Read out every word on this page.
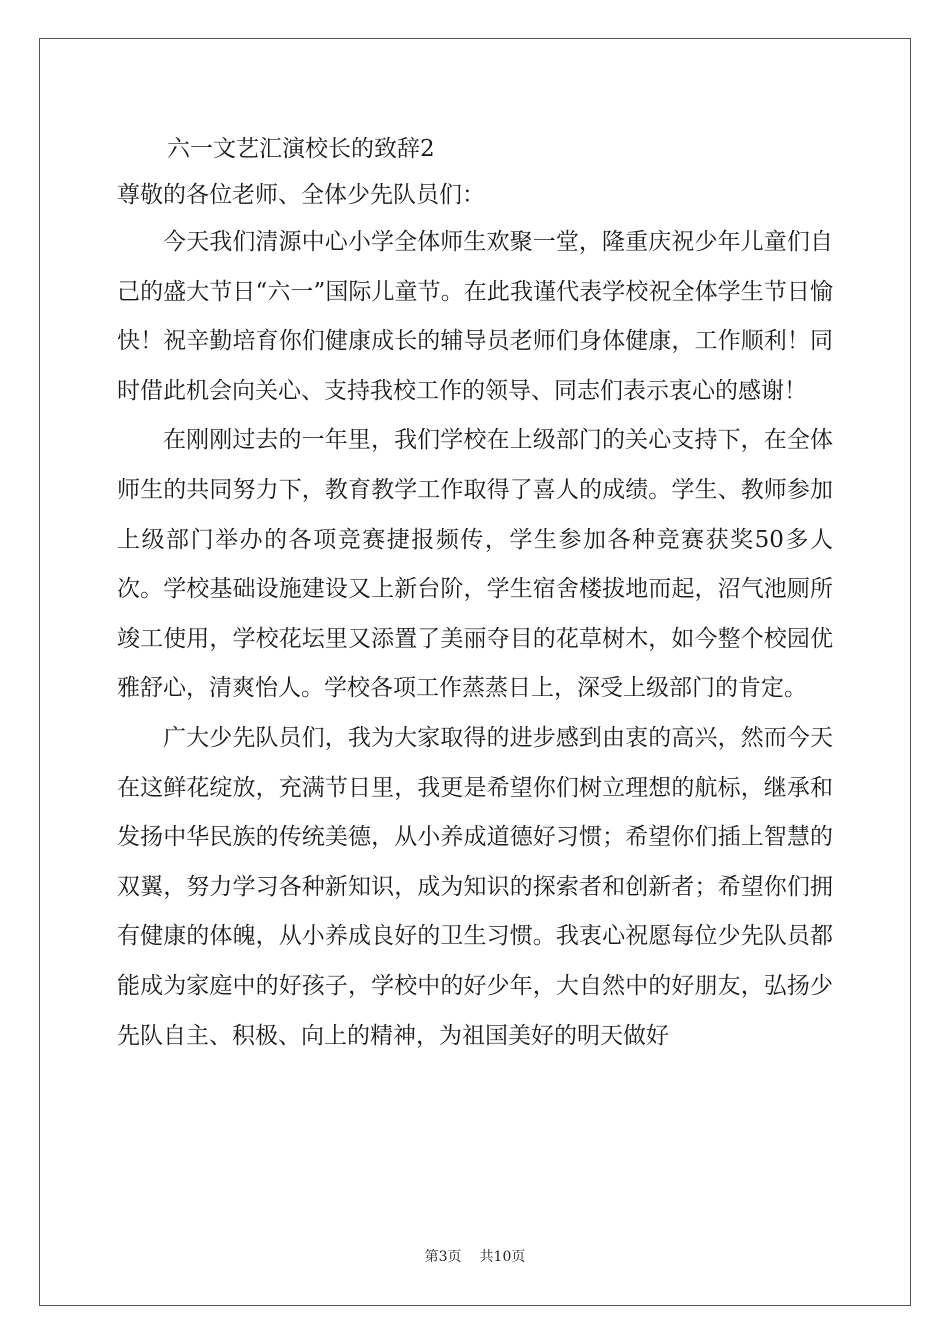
六一文艺汇演校长的致辞2

尊敬的各位老师、全体少先队员们：

今天我们清源中心小学全体师生欢聚一堂，隆重庆祝少年儿童们自己的盛大节日“六一”国际儿童节。在此我谨代表学校祝全体学生节日愉快！祝辛勤培育你们健康成长的辅导员老师们身体健康，工作顺利！同时借此机会向关心、支持我校工作的领导、同志们表示衷心的感谢！

在刚刚过去的一年里，我们学校在上级部门的关心支持下，在全体师生的共同努力下，教育教学工作取得了喜人的成绩。学生、教师参加上级部门举办的各项竞赛捷报频传，学生参加各种竞赛获奖50多人次。学校基础设施建设又上新台阶，学生宿舍楼拔地而起，沼气池厕所竣工使用，学校花坛里又添置了美丽夺目的花草树木，如今整个校园优雅舒心，清爽怡人。学校各项工作蒸蒸日上，深受上级部门的肯定。

广大少先队员们，我为大家取得的进步感到由衷的高兴，然而今天在这鲜花绽放，充满节日里，我更是希望你们树立理想的航标，继承和发扬中华民族的传统美德，从小养成道德好习惯；希望你们插上智慧的双翼，努力学习各种新知识，成为知识的探索者和创新者；希望你们拥有健康的体魄，从小养成良好的卫生习惯。我衷心祝愿每位少先队员都能成为家庭中的好孩子，学校中的好少年，大自然中的好朋友，弘扬少先队自主、积极、向上的精神，为祖国美好的明天做好

第3页 共10页
